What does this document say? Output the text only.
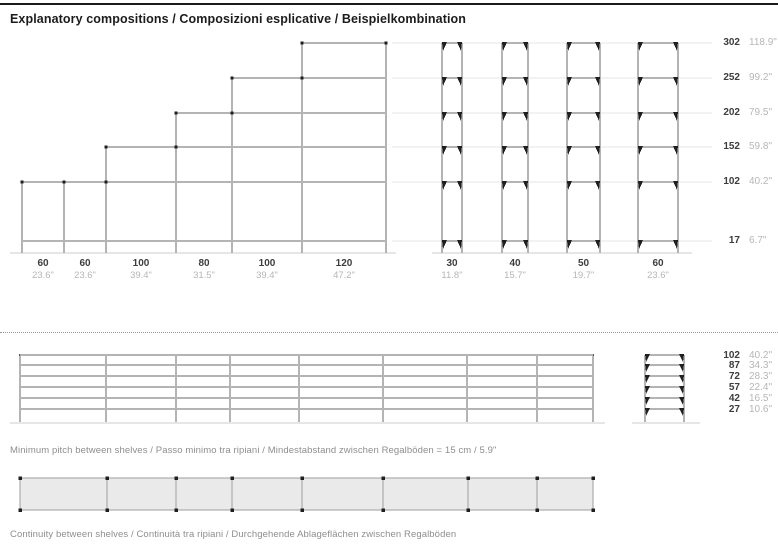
Explanatory compositions / Composizioni esplicative / Beispielkombination
Minimum pitch between shelves / Passo minimo tra ripiani / Mindestabstand zwischen Regalböden = 15 cm / 5.9"
Continuity between shelves / Continuità tra ripiani / Durchgehende Ablageflächen zwischen Regalböden
30
11.8"
40
15.7"
50
19.7"
60
23.6"
60
23.6"
60
23.6"
100
39.4"
80
31.5"
100
39.4"
120
47.2"
302 118.9"
252 99.2"
202 79.5"
152 59.8"
102 40.2"
17 6.7"
102 40.2"
87 34.3"
72 28.3"
57 22.4"
42 16.5"
27 10.6"
